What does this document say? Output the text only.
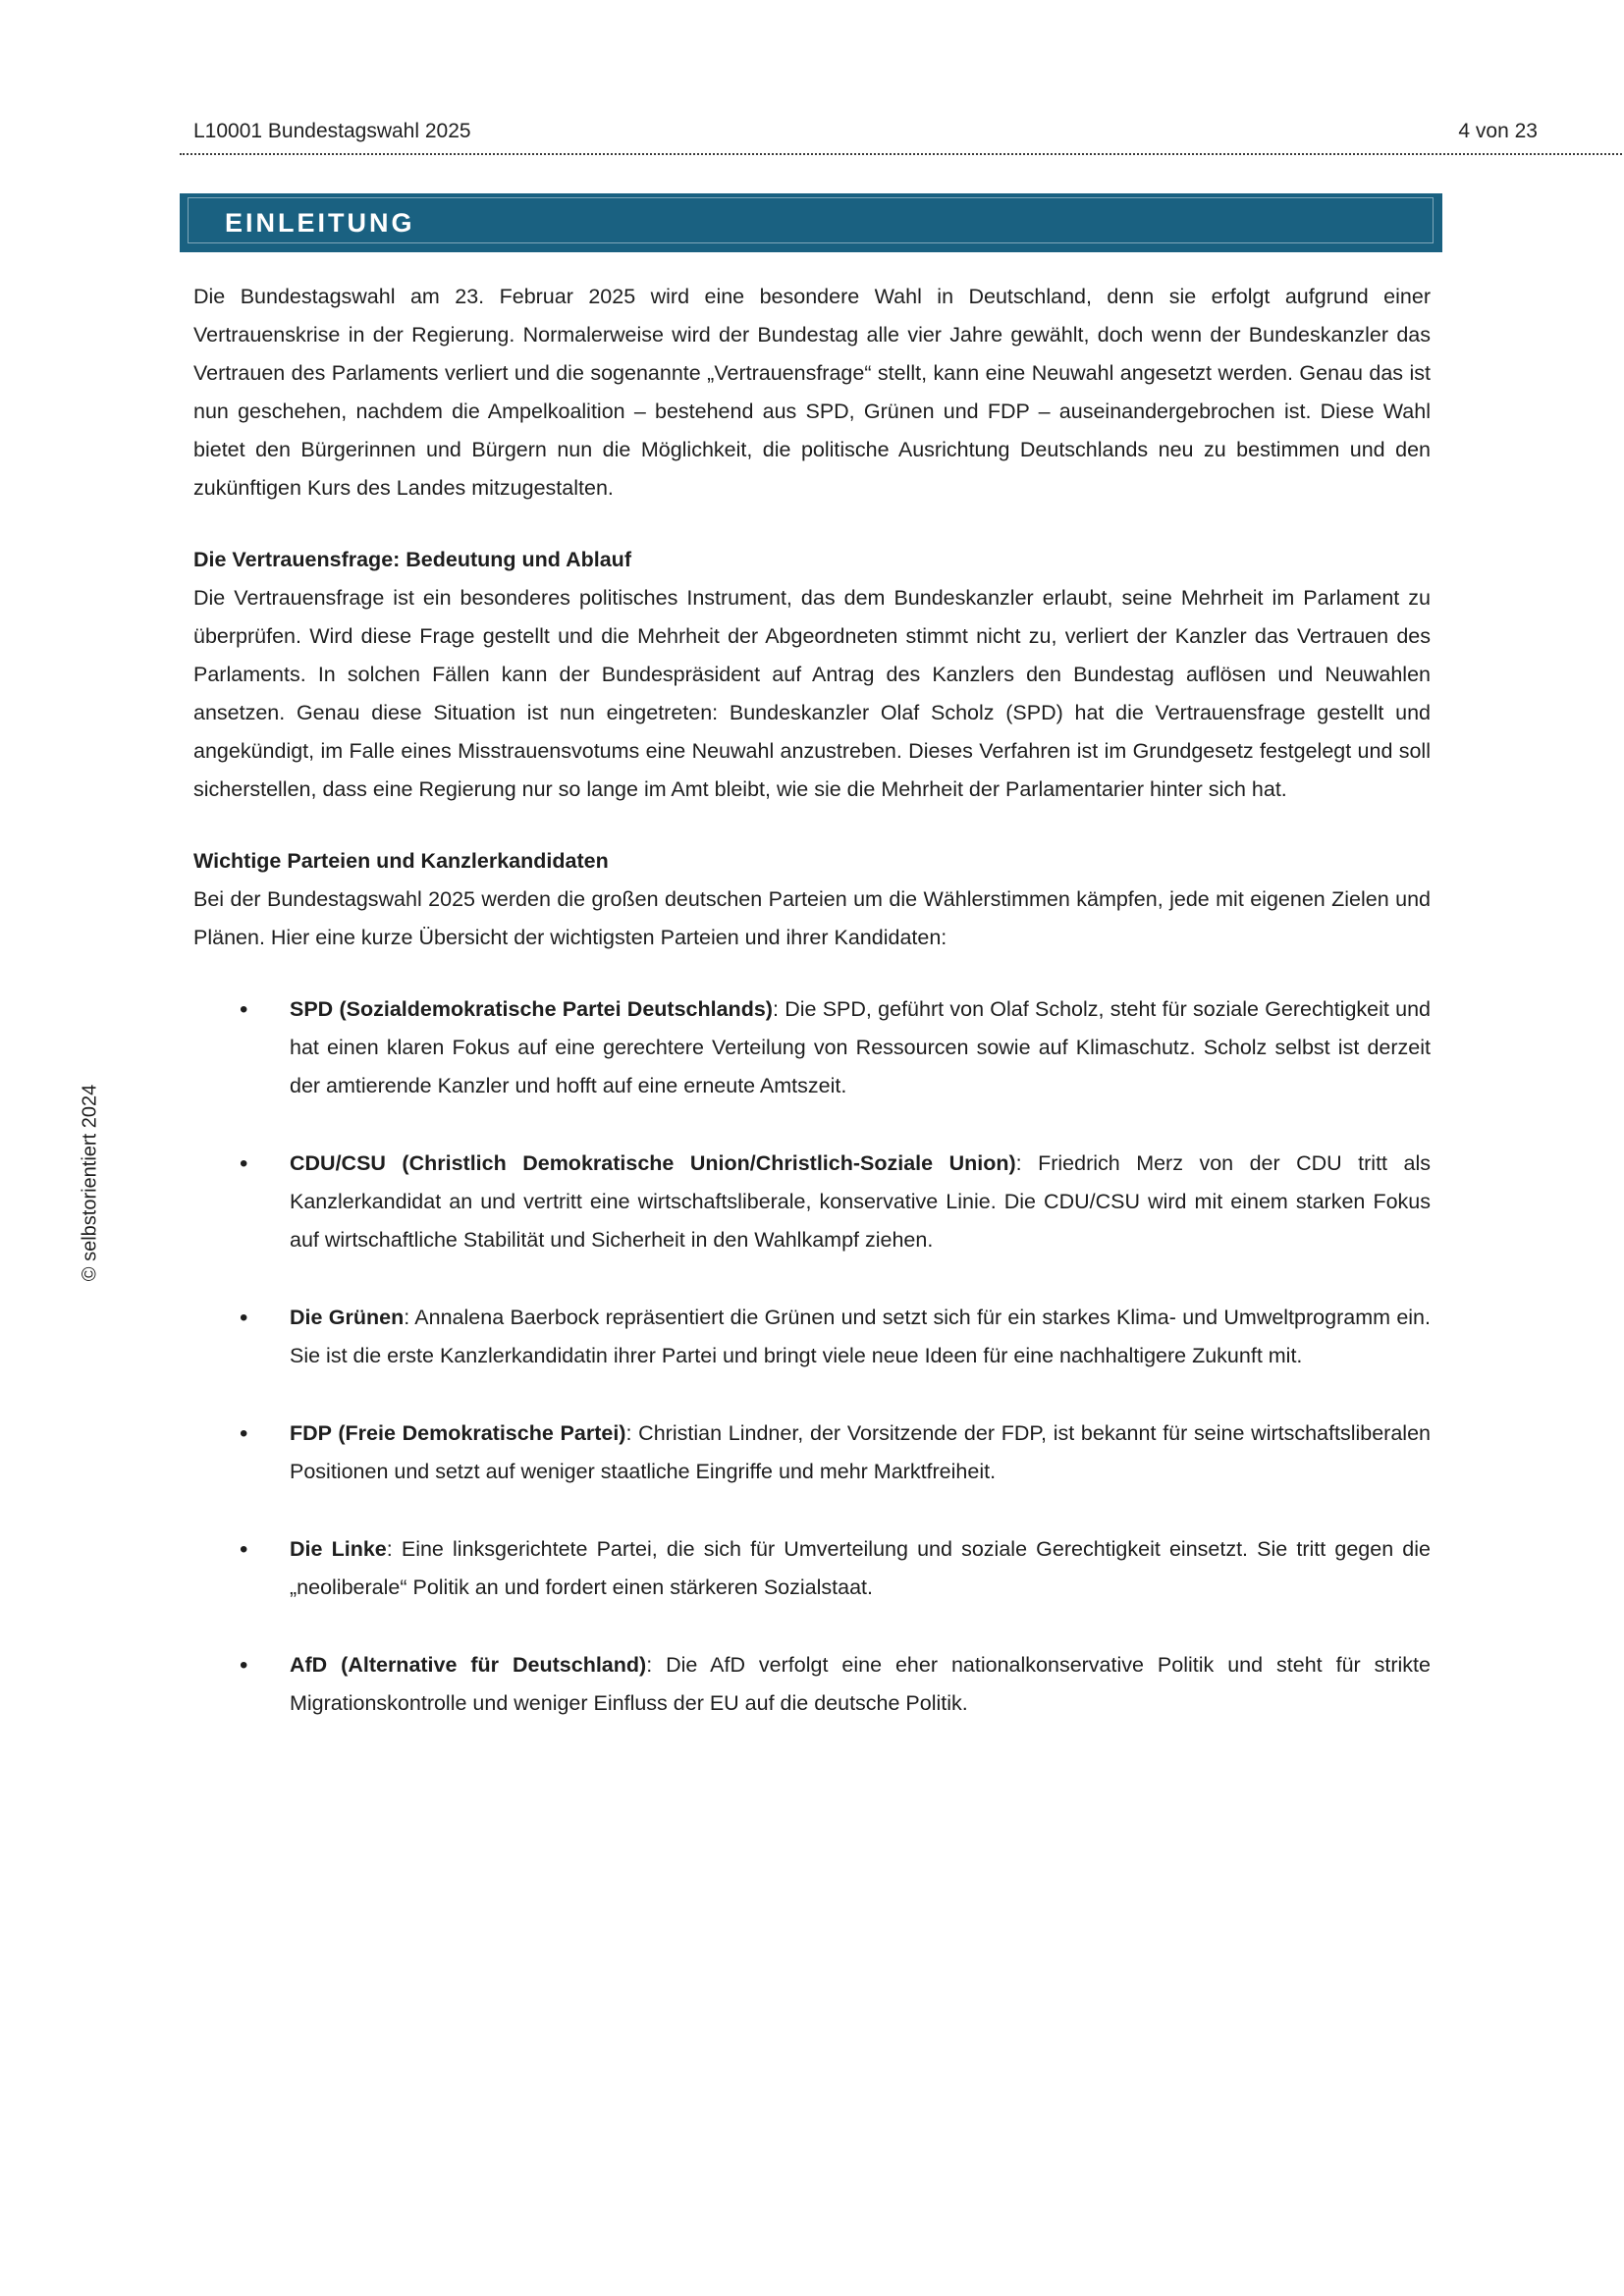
L10001 Bundestagswahl 2025	4 von 23
EINLEITUNG
© selbstorientiert 2024

Die Bundestagswahl am 23. Februar 2025 wird eine besondere Wahl in Deutschland, denn sie erfolgt aufgrund einer Vertrauenskrise in der Regierung. Normalerweise wird der Bundestag alle vier Jahre gewählt, doch wenn der Bundeskanzler das Vertrauen des Parlaments verliert und die sogenannte „Vertrauensfrage“ stellt, kann eine Neuwahl angesetzt werden. Genau das ist nun geschehen, nachdem die Ampelkoalition – bestehend aus SPD, Grünen und FDP – auseinandergebrochen ist. Diese Wahl bietet den Bürgerinnen und Bürgern nun die Möglichkeit, die politische Ausrichtung Deutschlands neu zu bestimmen und den zukünftigen Kurs des Landes mitzugestalten.

Die Vertrauensfrage: Bedeutung und Ablauf

Die Vertrauensfrage ist ein besonderes politisches Instrument, das dem Bundeskanzler erlaubt, seine Mehrheit im Parlament zu überprüfen. Wird diese Frage gestellt und die Mehrheit der Abgeordneten stimmt nicht zu, verliert der Kanzler das Vertrauen des Parlaments. In solchen Fällen kann der Bundespräsident auf Antrag des Kanzlers den Bundestag auflösen und Neuwahlen ansetzen. Genau diese Situation ist nun eingetreten: Bundeskanzler Olaf Scholz (SPD) hat die Vertrauensfrage gestellt und angekündigt, im Falle eines Misstrauensvotums eine Neuwahl anzustreben. Dieses Verfahren ist im Grundgesetz festgelegt und soll sicherstellen, dass eine Regierung nur so lange im Amt bleibt, wie sie die Mehrheit der Parlamentarier hinter sich hat.

Wichtige Parteien und Kanzlerkandidaten

Bei der Bundestagswahl 2025 werden die großen deutschen Parteien um die Wählerstimmen kämpfen, jede mit eigenen Zielen und Plänen. Hier eine kurze Übersicht der wichtigsten Parteien und ihrer Kandidaten:

• SPD (Sozialdemokratische Partei Deutschlands): Die SPD, geführt von Olaf Scholz, steht für soziale Gerechtigkeit und hat einen klaren Fokus auf eine gerechtere Verteilung von Ressourcen sowie auf Klimaschutz. Scholz selbst ist derzeit der amtierende Kanzler und hofft auf eine erneute Amtszeit.
• CDU/CSU (Christlich Demokratische Union/Christlich-Soziale Union): Friedrich Merz von der CDU tritt als Kanzlerkandidat an und vertritt eine wirtschaftsliberale, konservative Linie. Die CDU/CSU wird mit einem starken Fokus auf wirtschaftliche Stabilität und Sicherheit in den Wahlkampf ziehen.
• Die Grünen: Annalena Baerbock repräsentiert die Grünen und setzt sich für ein starkes Klima- und Umweltprogramm ein. Sie ist die erste Kanzlerkandidatin ihrer Partei und bringt viele neue Ideen für eine nachhaltigere Zukunft mit.
• FDP (Freie Demokratische Partei): Christian Lindner, der Vorsitzende der FDP, ist bekannt für seine wirtschaftsliberalen Positionen und setzt auf weniger staatliche Eingriffe und mehr Marktfreiheit.
• Die Linke: Eine linksgerichtete Partei, die sich für Umverteilung und soziale Gerechtigkeit einsetzt. Sie tritt gegen die „neoliberale“ Politik an und fordert einen stärkeren Sozialstaat.
• AfD (Alternative für Deutschland): Die AfD verfolgt eine eher nationalkonservative Politik und steht für strikte Migrationskontrolle und weniger Einfluss der EU auf die deutsche Politik.
